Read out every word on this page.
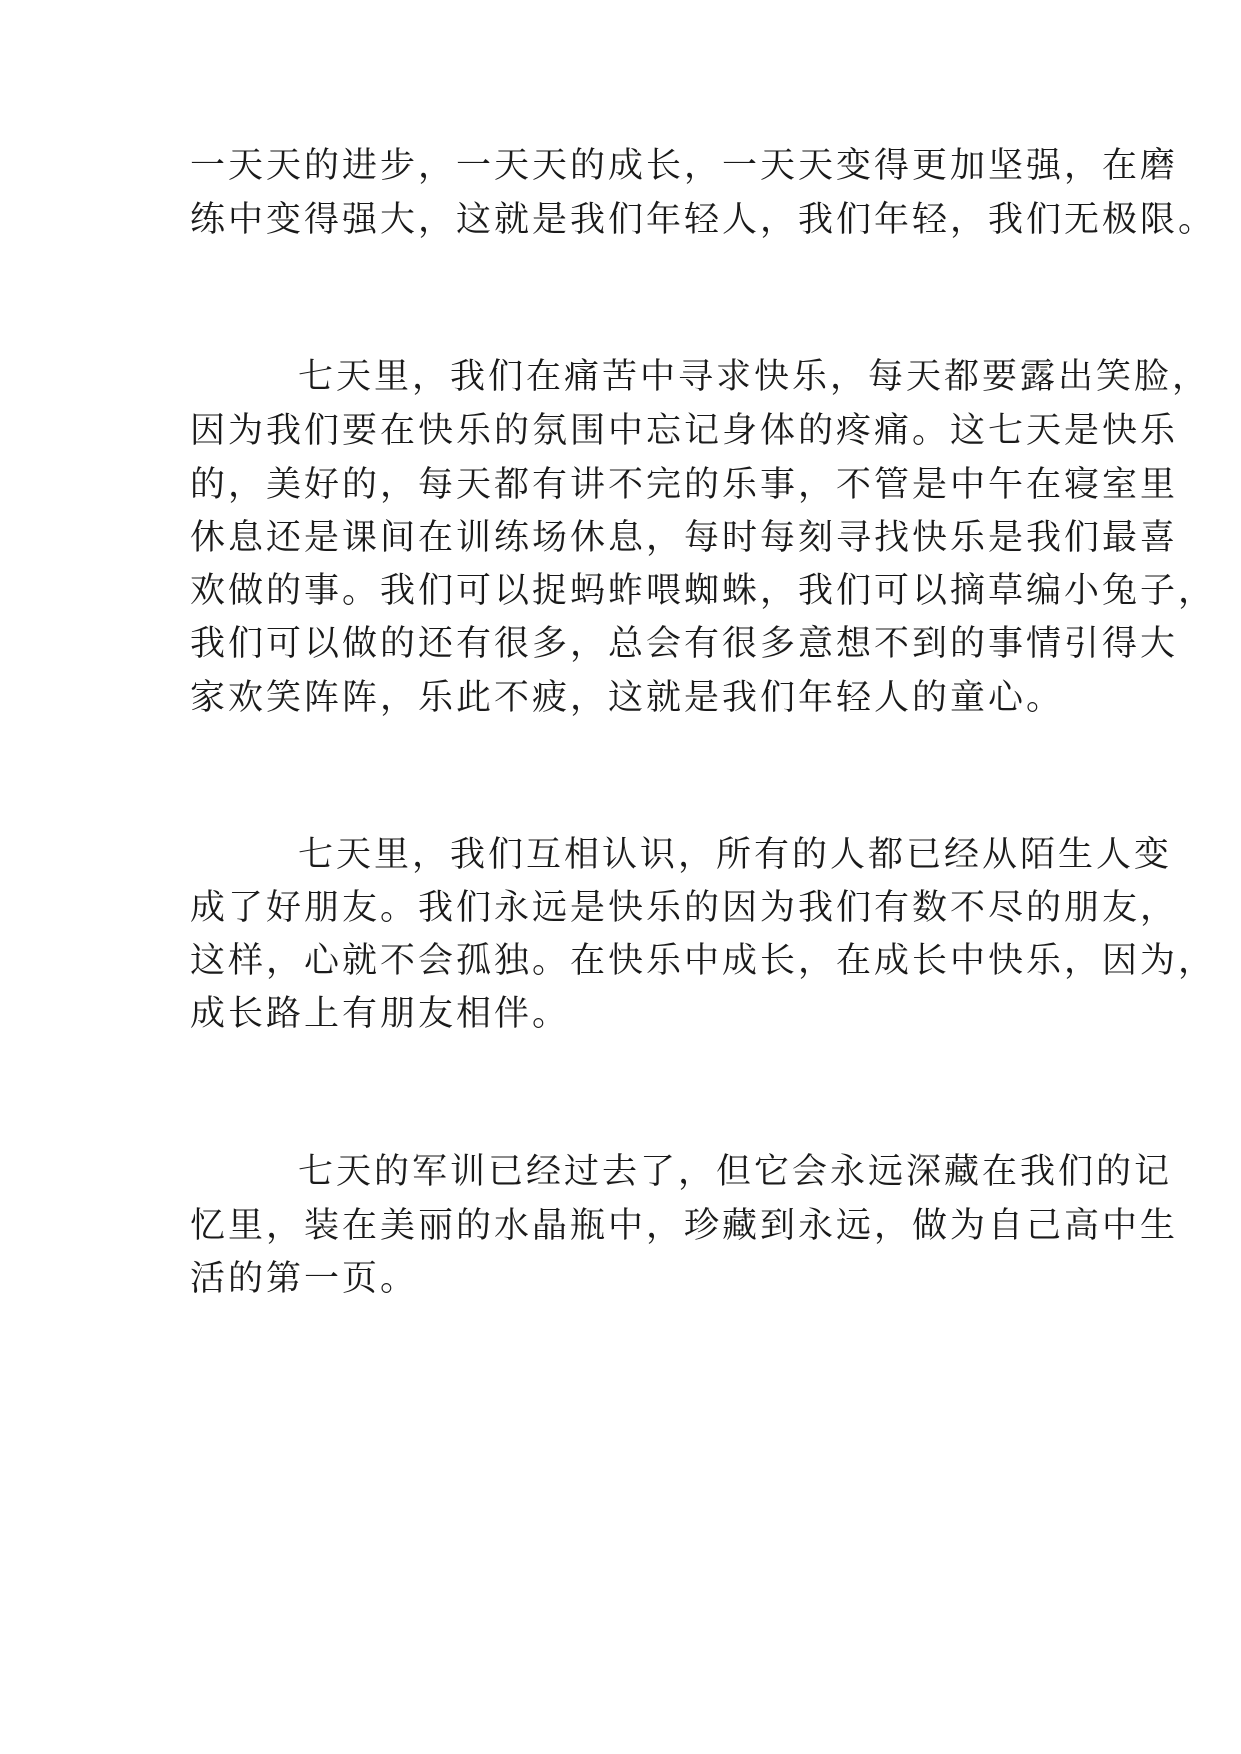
一天天的进步，一天天的成长，一天天变得更加坚强，在磨
练中变得强大，这就是我们年轻人，我们年轻，我们无极限。
七天里，我们在痛苦中寻求快乐，每天都要露出笑脸，
因为我们要在快乐的氛围中忘记身体的疼痛。这七天是快乐
的，美好的，每天都有讲不完的乐事，不管是中午在寝室里
休息还是课间在训练场休息，每时每刻寻找快乐是我们最喜
欢做的事。我们可以捉蚂蚱喂蜘蛛，我们可以摘草编小兔子，
我们可以做的还有很多，总会有很多意想不到的事情引得大
家欢笑阵阵，乐此不疲，这就是我们年轻人的童心。
七天里，我们互相认识，所有的人都已经从陌生人变
成了好朋友。我们永远是快乐的因为我们有数不尽的朋友，
这样，心就不会孤独。在快乐中成长，在成长中快乐，因为，
成长路上有朋友相伴。
七天的军训已经过去了，但它会永远深藏在我们的记
忆里，装在美丽的水晶瓶中，珍藏到永远，做为自己高中生
活的第一页。
